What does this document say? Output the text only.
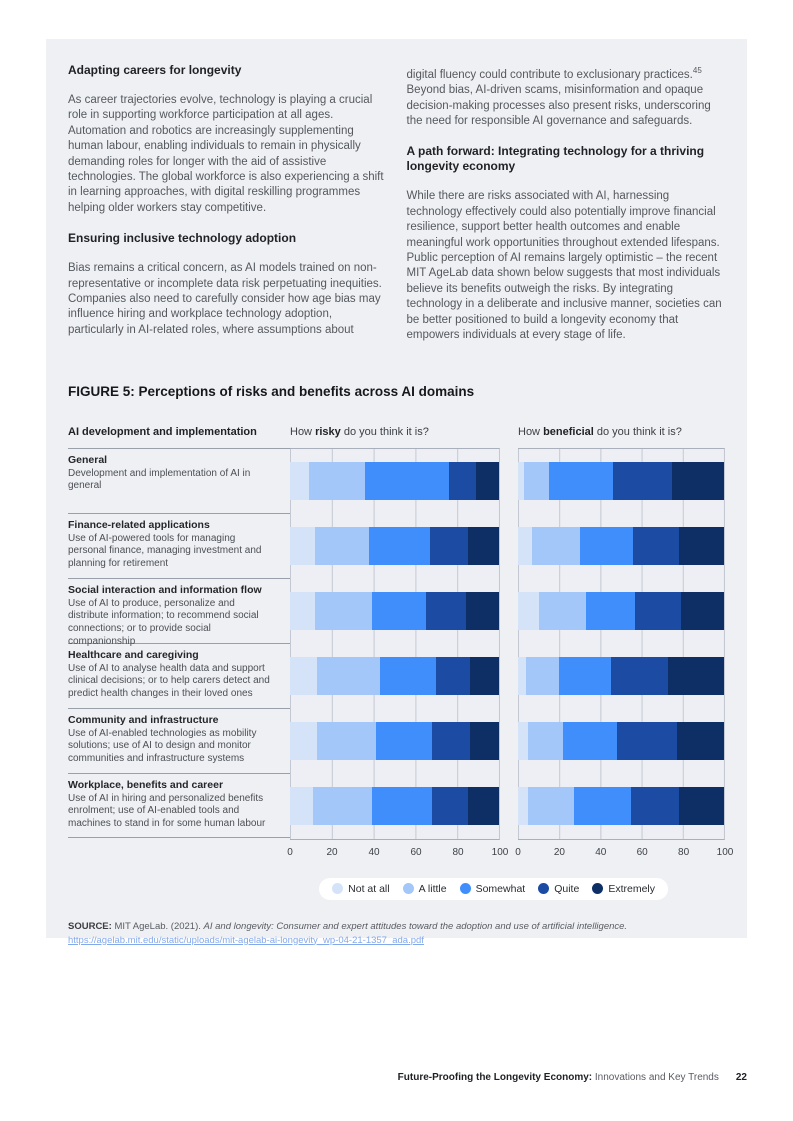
Adapting careers for longevity

As career trajectories evolve, technology is playing a crucial role in supporting workforce participation at all ages. Automation and robotics are increasingly supplementing human labour, enabling individuals to remain in physically demanding roles for longer with the aid of assistive technologies. The global workforce is also experiencing a shift in learning approaches, with digital reskilling programmes helping older workers stay competitive.

Ensuring inclusive technology adoption

Bias remains a critical concern, as AI models trained on non-representative or incomplete data risk perpetuating inequities. Companies also need to carefully consider how age bias may influence hiring and workplace technology adoption, particularly in AI-related roles, where assumptions about

digital fluency could contribute to exclusionary practices.$^{45}$ Beyond bias, AI-driven scams, misinformation and opaque decision-making processes also present risks, underscoring the need for responsible AI governance and safeguards.

A path forward: Integrating technology for a thriving longevity economy

While there are risks associated with AI, harnessing technology effectively could also potentially improve financial resilience, support better health outcomes and enable meaningful work opportunities throughout extended lifespans. Public perception of AI remains largely optimistic – the recent MIT AgeLab data shown below suggests that most individuals believe its benefits outweigh the risks. By integrating technology in a deliberate and inclusive manner, societies can be better positioned to build a longevity economy that empowers individuals at every stage of life.

FIGURE 5: Perceptions of risks and benefits across AI domains
AI development and implementation	How risky do you think it is?	How beneficial do you think it is?
General
Development and implementation of AI in general
Finance-related applications
Use of AI-powered tools for managing personal finance, managing investment and planning for retirement
Social interaction and information flow
Use of AI to produce, personalize and distribute information; to recommend social connections; or to provide social companionship
Healthcare and caregiving
Use of AI to analyse health data and support clinical decisions; or to help carers detect and predict health changes in their loved ones
Community and infrastructure
Use of AI-enabled technologies as mobility solutions; use of AI to design and monitor communities and infrastructure systems
Workplace, benefits and career
Use of AI in hiring and personalized benefits enrolment; use of AI-enabled tools and machines to stand in for some human labour
0	20	40	60	80	100 0	20	40	60	80	100
Not at all	A little	Somewhat	Quite	Extremely

SOURCE: MIT AgeLab. (2021). AI and longevity: Consumer and expert attitudes toward the adoption and use of artificial intelligence. https://agelab.mit.edu/static/uploads/mit-agelab-ai-longevity_wp-04-21-1357_ada.pdf

Future-Proofing the Longevity Economy: Innovations and Key Trends 22
